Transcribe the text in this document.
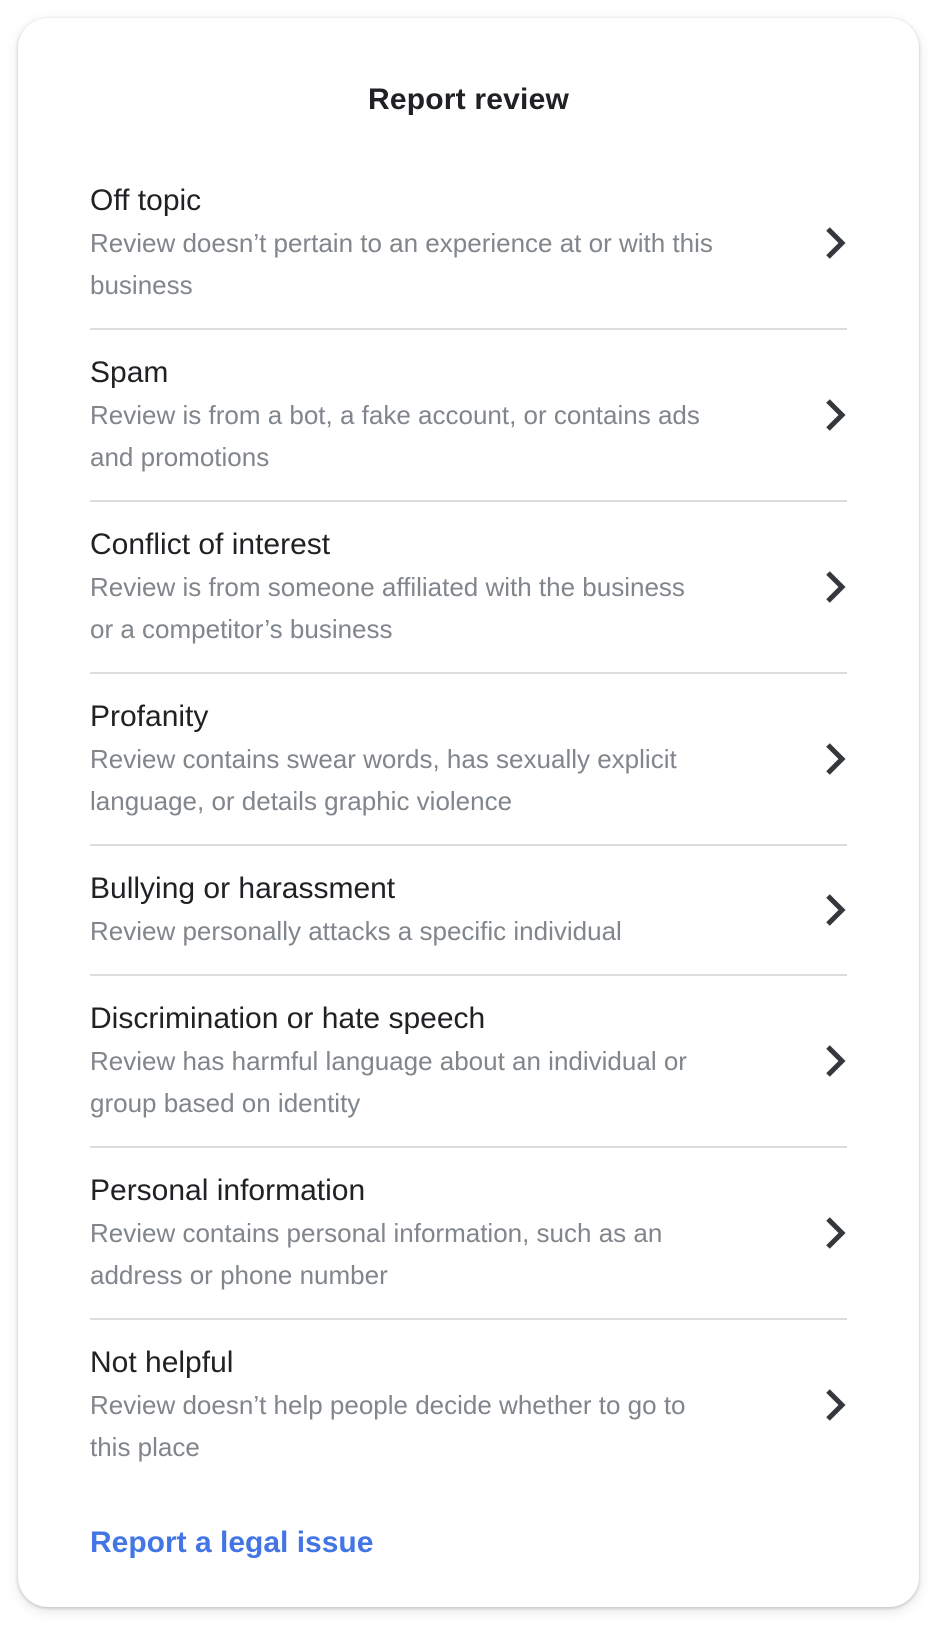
Report review
Off topic
Review doesn’t pertain to an experience at or with this
business
Spam
Review is from a bot, a fake account, or contains ads
and promotions
Conflict of interest
Review is from someone affiliated with the business
or a competitor’s business
Profanity
Review contains swear words, has sexually explicit
language, or details graphic violence
Bullying or harassment
Review personally attacks a specific individual
Discrimination or hate speech
Review has harmful language about an individual or
group based on identity
Personal information
Review contains personal information, such as an
address or phone number
Not helpful
Review doesn’t help people decide whether to go to
this place
Report a legal issue
